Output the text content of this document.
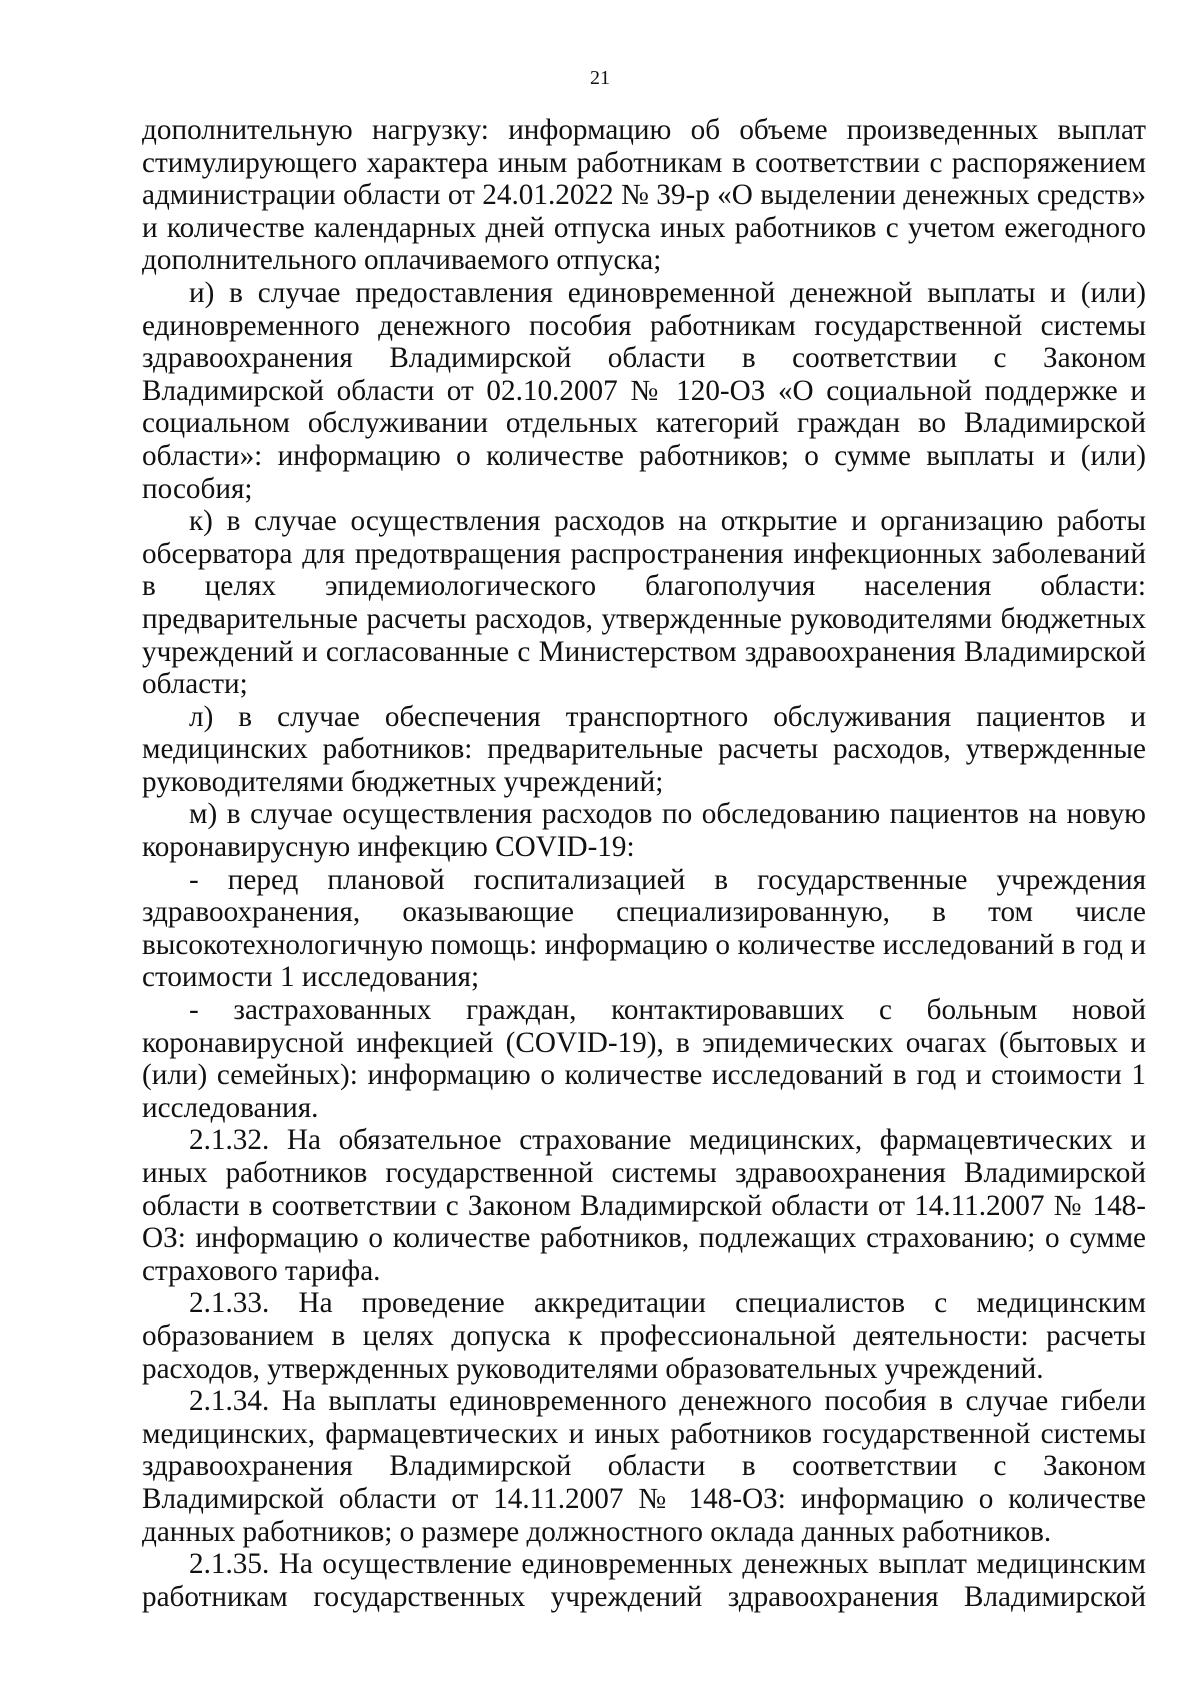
21

дополнительную нагрузку: информацию об объеме произведенных выплат стимулирующего характера иным работникам в соответствии с распоряжением администрации области от 24.01.2022 № 39-р «О выделении денежных средств» и количестве календарных дней отпуска иных работников с учетом ежегодного дополнительного оплачиваемого отпуска;

и) в случае предоставления единовременной денежной выплаты и (или) единовременного денежного пособия работникам государственной системы здравоохранения Владимирской области в соответствии с Законом Владимирской области от 02.10.2007 № 120-ОЗ «О социальной поддержке и социальном обслуживании отдельных категорий граждан во Владимирской области»: информацию о количестве работников; о сумме выплаты и (или) пособия;

к) в случае осуществления расходов на открытие и организацию работы обсерватора для предотвращения распространения инфекционных заболеваний в целях эпидемиологического благополучия населения области: предварительные расчеты расходов, утвержденные руководителями бюджетных учреждений и согласованные с Министерством здравоохранения Владимирской области;

л) в случае обеспечения транспортного обслуживания пациентов и медицинских работников: предварительные расчеты расходов, утвержденные руководителями бюджетных учреждений;

м) в случае осуществления расходов по обследованию пациентов на новую коронавирусную инфекцию COVID-19:

- перед плановой госпитализацией в государственные учреждения здравоохранения, оказывающие специализированную, в том числе высокотехнологичную помощь: информацию о количестве исследований в год и стоимости 1 исследования;

- застрахованных граждан, контактировавших с больным новой коронавирусной инфекцией (COVID-19), в эпидемических очагах (бытовых и (или) семейных): информацию о количестве исследований в год и стоимости 1 исследования.

2.1.32. На обязательное страхование медицинских, фармацевтических и иных работников государственной системы здравоохранения Владимирской области в соответствии с Законом Владимирской области от 14.11.2007 № 148-ОЗ: информацию о количестве работников, подлежащих страхованию; о сумме страхового тарифа.

2.1.33. На проведение аккредитации специалистов с медицинским образованием в целях допуска к профессиональной деятельности: расчеты расходов, утвержденных руководителями образовательных учреждений.

2.1.34. На выплаты единовременного денежного пособия в случае гибели медицинских, фармацевтических и иных работников государственной системы здравоохранения Владимирской области в соответствии с Законом Владимирской области от 14.11.2007 № 148-ОЗ: информацию о количестве данных работников; о размере должностного оклада данных работников.

2.1.35. На осуществление единовременных денежных выплат медицинским работникам государственных учреждений здравоохранения Владимирской
